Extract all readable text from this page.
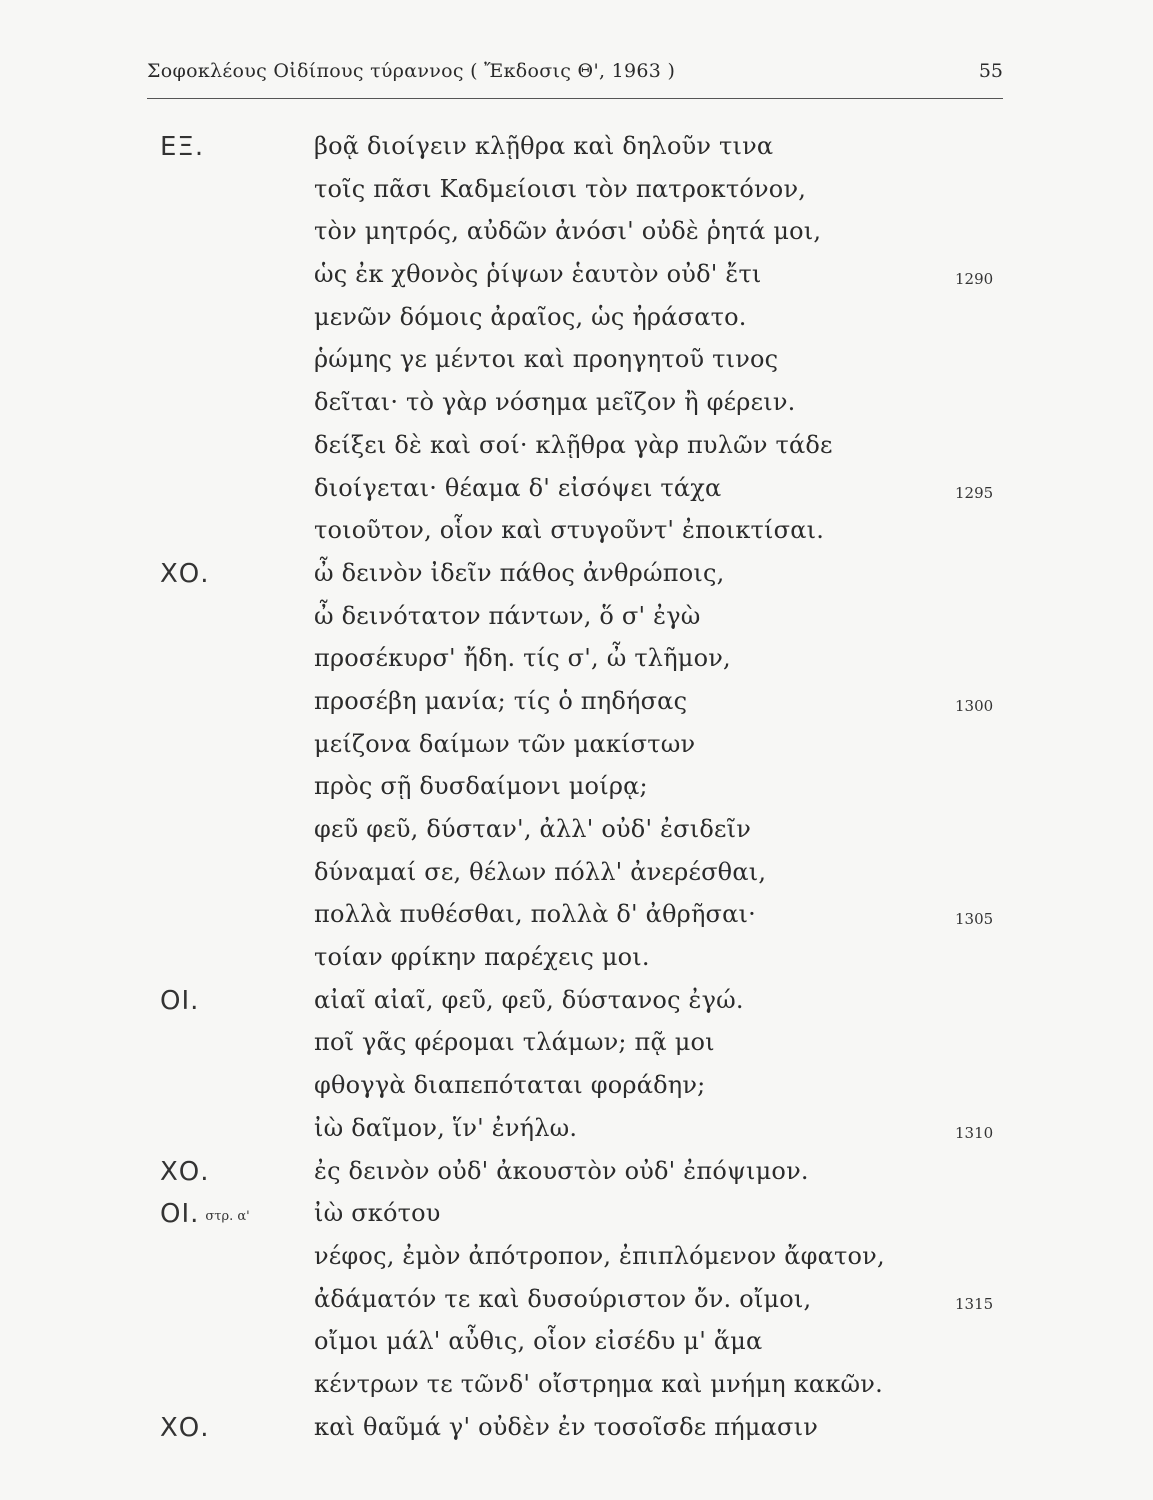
Σοφοκλέους Οἰδίπους τύραννος ( Ἔκδοσις Θ', 1963 )	55
ΕΞ.	βοᾷ διοίγειν κλῇθρα καὶ δηλοῦν τινα
τοῖς πᾶσι Καδμείοισι τὸν πατροκτόνον,
τὸν μητρός, αὐδῶν ἀνόσι' οὐδὲ ῥητά μοι,
ὡς ἐκ χθονὸς ῥίψων ἑαυτὸν οὐδ' ἔτι	1290
μενῶν δόμοις ἀραῖος, ὡς ἠράσατο.
ῥώμης γε μέντοι καὶ προηγητοῦ τινος
δεῖται· τὸ γὰρ νόσημα μεῖζον ἢ φέρειν.
δείξει δὲ καὶ σοί· κλῇθρα γὰρ πυλῶν τάδε
διοίγεται· θέαμα δ' εἰσόψει τάχα	1295
τοιοῦτον, οἷον καὶ στυγοῦντ' ἐποικτίσαι.
ΧΟ.	ὦ δεινὸν ἰδεῖν πάθος ἀνθρώποις,
ὦ δεινότατον πάντων, ὅ σ' ἐγὼ
προσέκυρσ' ἤδη. τίς σ', ὦ τλῆμον,
προσέβη μανία; τίς ὁ πηδήσας	1300
μείζονα δαίμων τῶν μακίστων
πρὸς σῇ δυσδαίμονι μοίρᾳ;
φεῦ φεῦ, δύσταν', ἀλλ' οὐδ' ἐσιδεῖν
δύναμαί σε, θέλων πόλλ' ἀνερέσθαι,
πολλὰ πυθέσθαι, πολλὰ δ' ἀθρῆσαι·	1305
τοίαν φρίκην παρέχεις μοι.
ΟΙ.	αἰαῖ αἰαῖ, φεῦ, φεῦ, δύστανος ἐγώ.
ποῖ γᾶς φέρομαι τλάμων; πᾷ μοι
φθογγὰ διαπεπόταται φοράδην;
ἰὼ δαῖμον, ἵν' ἐνήλω.	1310
ΧΟ.	ἐς δεινὸν οὐδ' ἀκουστὸν οὐδ' ἐπόψιμον.
ΟΙ. στρ. α'	ἰὼ σκότου
νέφος, ἐμὸν ἀπότροπον, ἐπιπλόμενον ἄφατον,
ἀδάματόν τε καὶ δυσούριστον ὄν. οἴμοι,	1315
οἴμοι μάλ' αὖθις, οἷον εἰσέδυ μ' ἅμα
κέντρων τε τῶνδ' οἴστρημα καὶ μνήμη κακῶν.
ΧΟ.	καὶ θαῦμά γ' οὐδὲν ἐν τοσοῖσδε πήμασιν
